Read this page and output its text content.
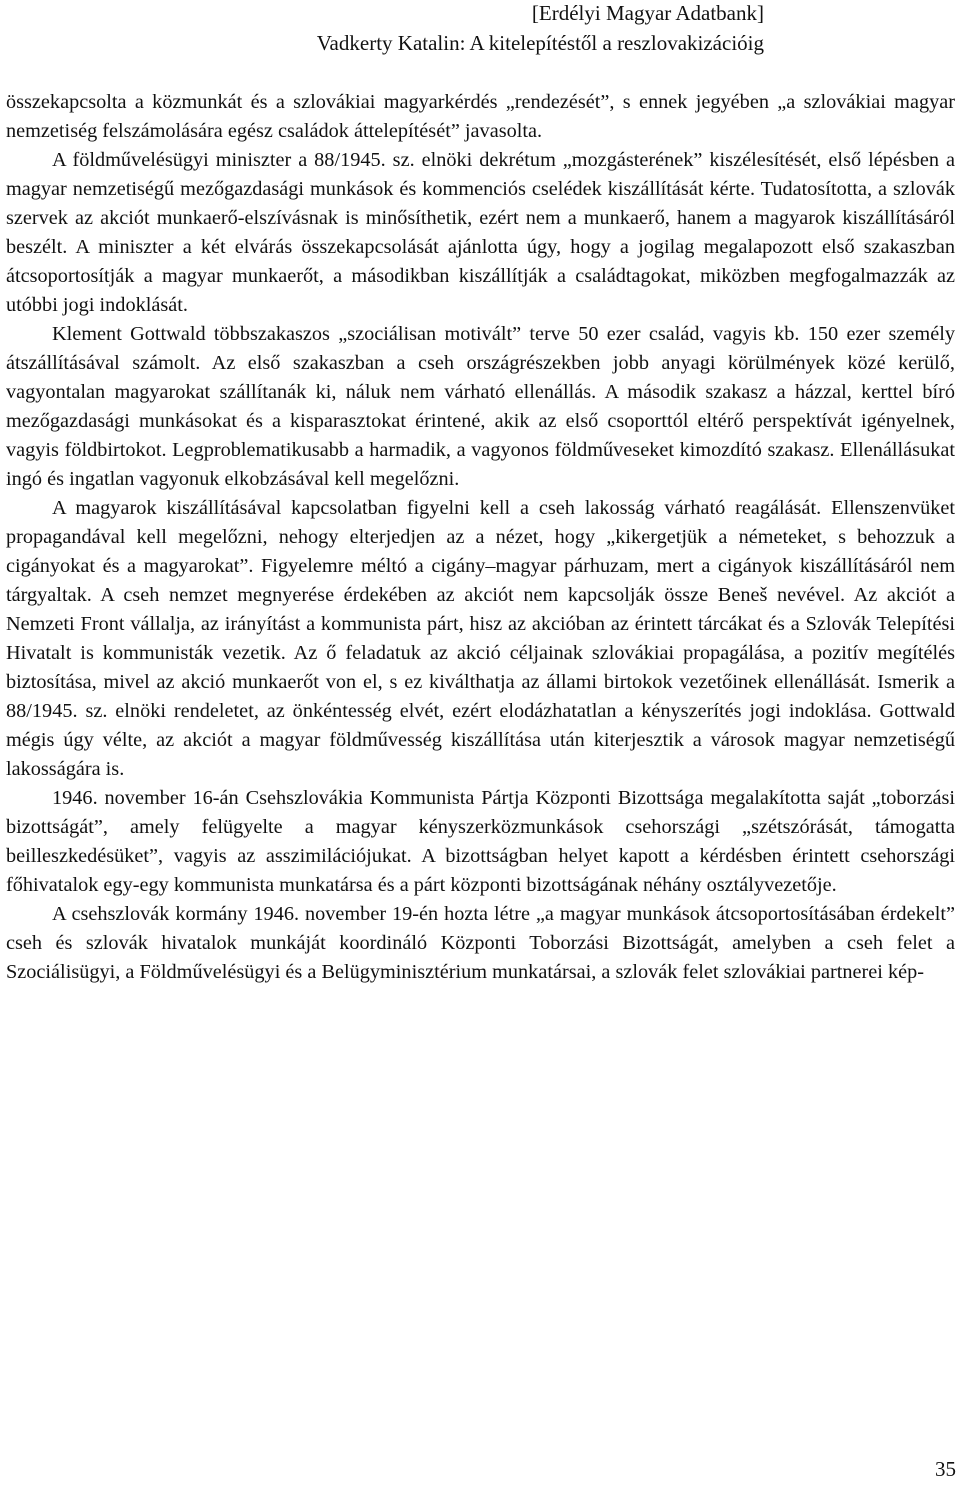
[Erdélyi Magyar Adatbank]
Vadkerty Katalin: A kitelepítéstől a reszlovakizációig

összekapcsolta a közmunkát és a szlovákiai magyarkérdés „rendezését”, s ennek jegyében „a szlovákiai magyar nemzetiség felszámolására egész családok áttelepítését” javasolta.

A földművelésügyi miniszter a 88/1945. sz. elnöki dekrétum „mozgásterének” kiszélesítését, első lépésben a magyar nemzetiségű mezőgazdasági munkások és kommenciós cselédek kiszállítását kérte. Tudatosította, a szlovák szervek az akciót munkaerő-elszívásnak is minősíthetik, ezért nem a munkaerő, hanem a magyarok kiszállításáról beszélt. A miniszter a két elvárás összekapcsolását ajánlotta úgy, hogy a jogilag megalapozott első szakaszban átcsoportosítják a magyar munkaerőt, a másodikban kiszállítják a családtagokat, miközben megfogalmazzák az utóbbi jogi indoklását.

Klement Gottwald többszakaszos „szociálisan motivált” terve 50 ezer család, vagyis kb. 150 ezer személy átszállításával számolt. Az első szakaszban a cseh országrészekben jobb anyagi körülmények közé kerülő, vagyontalan magyarokat szállítanák ki, náluk nem várható ellenállás. A második szakasz a házzal, kerttel bíró mezőgazdasági munkásokat és a kisparasztokat érintené, akik az első csoporttól eltérő perspektívát igényelnek, vagyis földbirtokot. Legproblematikusabb a harmadik, a vagyonos földműveseket kimozdító szakasz. Ellenállásukat ingó és ingatlan vagyonuk elkobzásával kell megelőzni.

A magyarok kiszállításával kapcsolatban figyelni kell a cseh lakosság várható reagálását. Ellenszenvüket propagandával kell megelőzni, nehogy elterjedjen az a nézet, hogy „kikergetjük a németeket, s behozzuk a cigányokat és a magyarokat”. Figyelemre méltó a cigány–magyar párhuzam, mert a cigányok kiszállításáról nem tárgyaltak. A cseh nemzet megnyerése érdekében az akciót nem kapcsolják össze Beneš nevével. Az akciót a Nemzeti Front vállalja, az irányítást a kommunista párt, hisz az akcióban az érintett tárcákat és a Szlovák Telepítési Hivatalt is kommunisták vezetik. Az ő feladatuk az akció céljainak szlovákiai propagálása, a pozitív megítélés biztosítása, mivel az akció munkaerőt von el, s ez kiválthatja az állami birtokok vezetőinek ellenállását. Ismerik a 88/1945. sz. elnöki rendeletet, az önkéntesség elvét, ezért elodázhatatlan a kényszerítés jogi indoklása. Gottwald mégis úgy vélte, az akciót a magyar földművesség kiszállítása után kiterjesztik a városok magyar nemzetiségű lakosságára is.

1946. november 16-án Csehszlovákia Kommunista Pártja Központi Bizottsága megalakította saját „toborzási bizottságát”, amely felügyelte a magyar kényszerközmunkások csehországi „szétszórását, támogatta beilleszkedésüket”, vagyis az asszimilációjukat. A bizottságban helyet kapott a kérdésben érintett csehországi főhivatalok egy-egy kommunista munkatársa és a párt központi bizottságának néhány osztályvezetője.

A csehszlovák kormány 1946. november 19-én hozta létre „a magyar munkások átcsoportosításában érdekelt” cseh és szlovák hivatalok munkáját koordináló Központi Toborzási Bizottságát, amelyben a cseh felet a Szociálisügyi, a Földművelésügyi és a Belügyminisztérium munkatársai, a szlovák felet szlovákiai partnerei kép-

35
